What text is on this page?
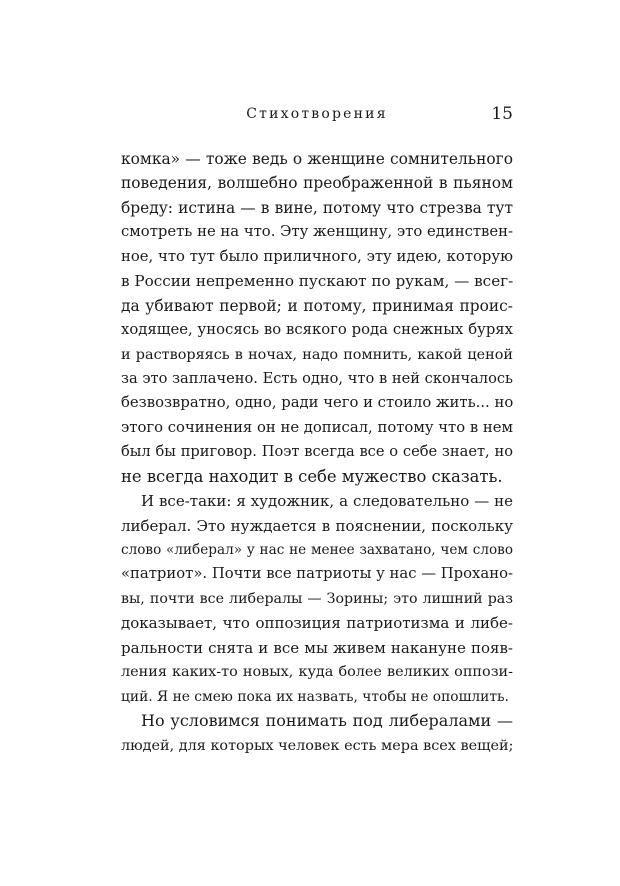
Стихотворения	15
комка» — тоже ведь о женщине сомнительного
поведения, волшебно преображенной в пьяном
бреду: истина — в вине, потому что стрезва тут
смотреть не на что. Эту женщину, это единствен-
ное, что тут было приличного, эту идею, которую
в России непременно пускают по рукам, — всег-
да убивают первой; и потому, принимая проис-
ходящее, уносясь во всякого рода снежных бурях
и растворяясь в ночах, надо помнить, какой ценой
за это заплачено. Есть одно, что в ней скончалось
безвозвратно, одно, ради чего и стоило жить... но
этого сочинения он не дописал, потому что в нем
был бы приговор. Поэт всегда все о себе знает, но
не всегда находит в себе мужество сказать.
И все-таки: я художник, а следовательно — не
либерал. Это нуждается в пояснении, поскольку
слово «либерал» у нас не менее захватано, чем слово
«патриот». Почти все патриоты у нас — Проханo-
вы, почти все либералы — Зорины; это лишний раз
доказывает, что оппозиция патриотизма и либе-
ральности снята и все мы живем накануне появ-
ления каких-то новых, куда более великих оппози-
ций. Я не смею пока их назвать, чтобы не опошлить.
Но условимся понимать под либералами —
людей, для которых человек есть мера всех вещей;
